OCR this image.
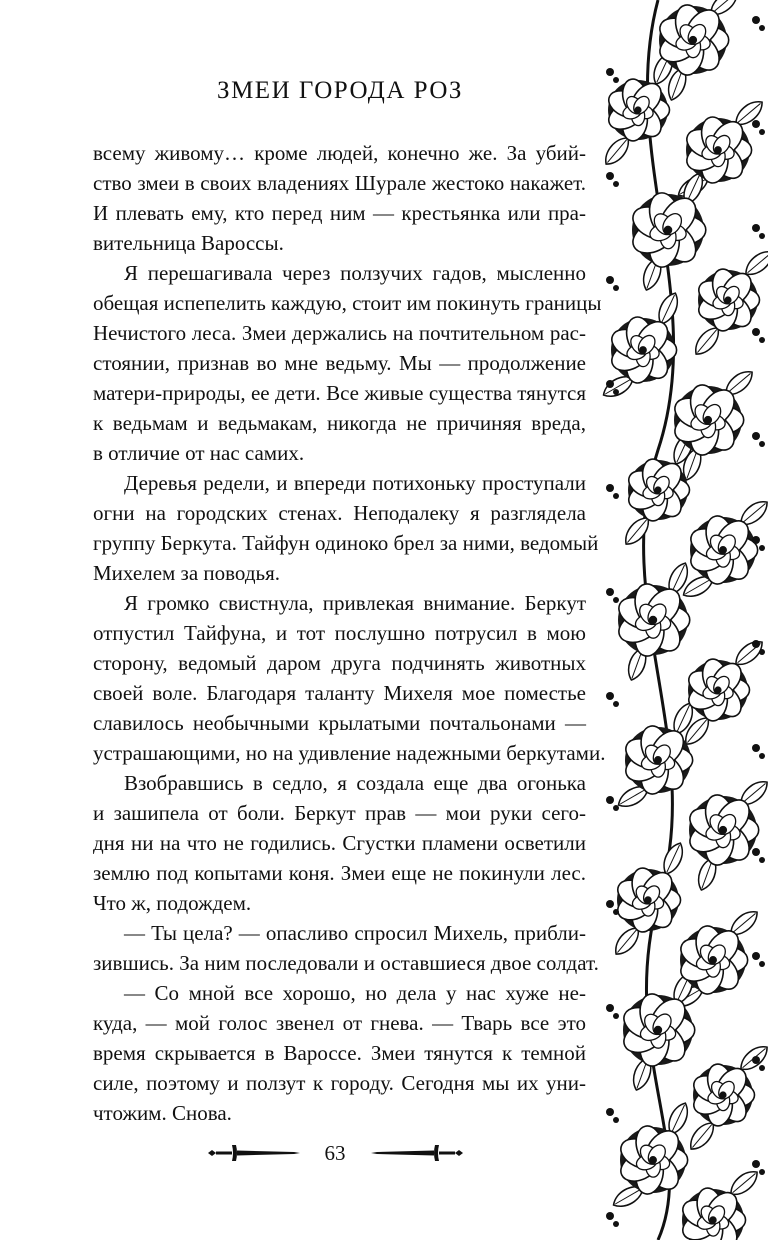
ЗМЕИ ГОРОДА РОЗ
всему живому… кроме людей, конечно же. За убий-
ство змеи в своих владениях Шурале жестоко накажет.
И плевать ему, кто перед ним — крестьянка или пра-
вительница Вароссы.
Я перешагивала через ползучих гадов, мысленно
обещая испепелить каждую, стоит им покинуть границы
Нечистого леса. Змеи держались на почтительном рас-
стоянии, признав во мне ведьму. Мы — продолжение
матери-природы, ее дети. Все живые существа тянутся
к ведьмам и ведьмакам, никогда не причиняя вреда,
в отличие от нас самих.
Деревья редели, и впереди потихоньку проступали
огни на городских стенах. Неподалеку я разглядела
группу Беркута. Тайфун одиноко брел за ними, ведомый
Михелем за поводья.
Я громко свистнула, привлекая внимание. Беркут
отпустил Тайфуна, и тот послушно потрусил в мою
сторону, ведомый даром друга подчинять животных
своей воле. Благодаря таланту Михеля мое поместье
славилось необычными крылатыми почтальонами —
устрашающими, но на удивление надежными беркутами.
Взобравшись в седло, я создала еще два огонька
и зашипела от боли. Беркут прав — мои руки сего-
дня ни на что не годились. Сгустки пламени осветили
землю под копытами коня. Змеи еще не покинули лес.
Что ж, подождем.
— Ты цела? — опасливо спросил Михель, прибли-
зившись. За ним последовали и оставшиеся двое солдат.
— Со мной все хорошо, но дела у нас хуже не-
куда, — мой голос звенел от гнева. — Тварь все это
время скрывается в Вароссе. Змеи тянутся к темной
силе, поэтому и ползут к городу. Сегодня мы их уни-
чтожим. Снова.
63
